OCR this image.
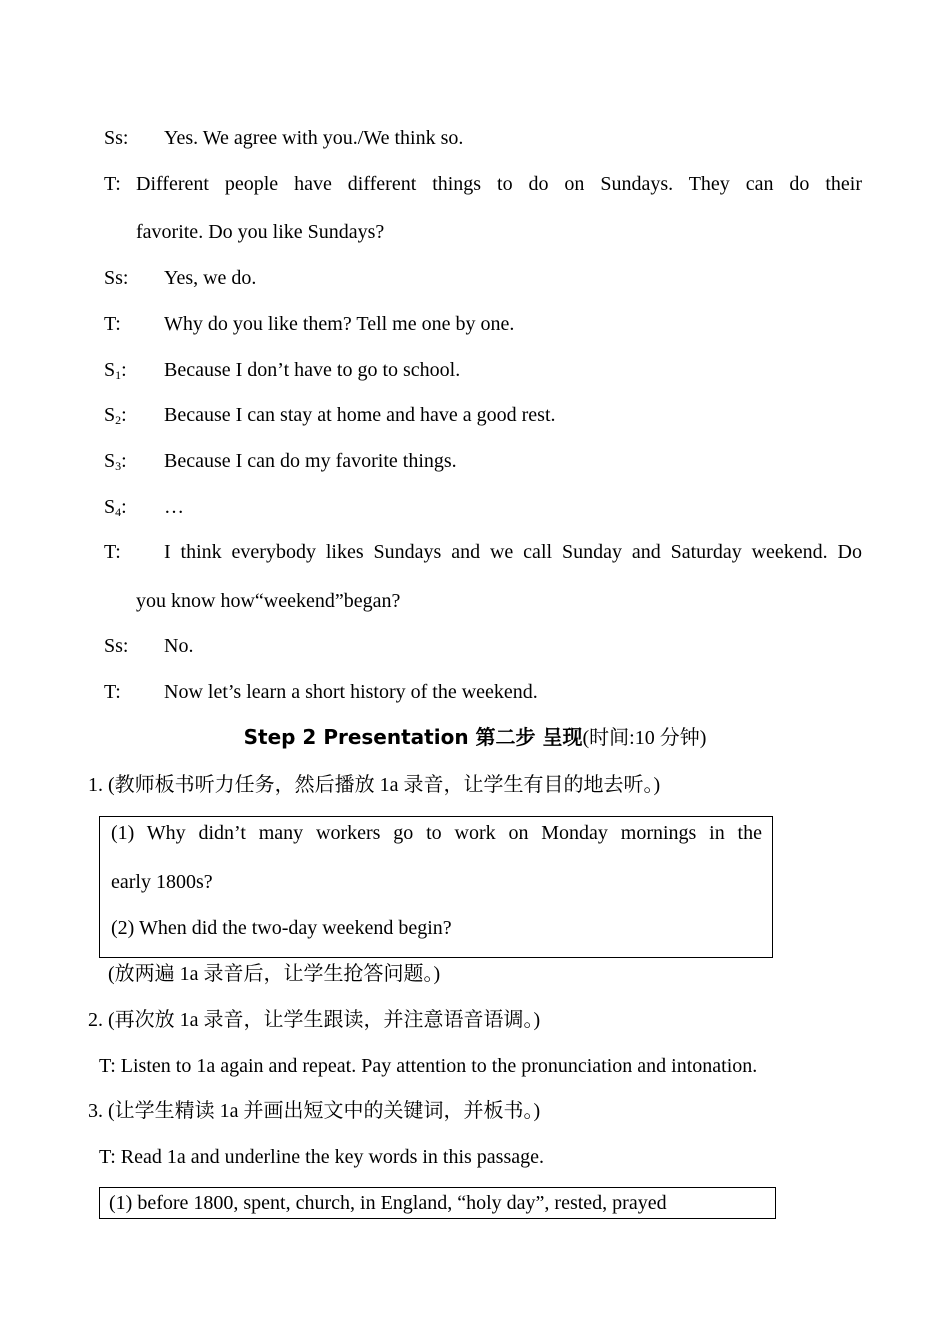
Ss: Yes. We agree with you./We think so.
T: Different people have different things to do on Sundays. They can do their
favorite. Do you like Sundays?
Ss: Yes, we do.
T: Why do you like them? Tell me one by one.
$S_1$: Because I don’t have to go to school.
$S_2$: Because I can stay at home and have a good rest.
$S_3$: Because I can do my favorite things.
$S_4$: …
T: I think everybody likes Sundays and we call Sunday and Saturday weekend. Do
you know how“weekend”began?
Ss: No.
T: Now let’s learn a short history of the weekend.
Step 2 Presentation 第二步 呈现(时间:10 分钟)
1. (教师板书听力任务，然后播放 1a 录音，让学生有目的地去听。)
(1) Why didn’t many workers go to work on Monday mornings in the
early 1800s?
(2) When did the two-day weekend begin?
(放两遍 1a 录音后，让学生抢答问题。)
2. (再次放 1a 录音，让学生跟读，并注意语音语调。)
T: Listen to 1a again and repeat. Pay attention to the pronunciation and intonation.
3. (让学生精读 1a 并画出短文中的关键词，并板书。)
T: Read 1a and underline the key words in this passage.
(1) before 1800, spent, church, in England, “holy day”, rested, prayed
